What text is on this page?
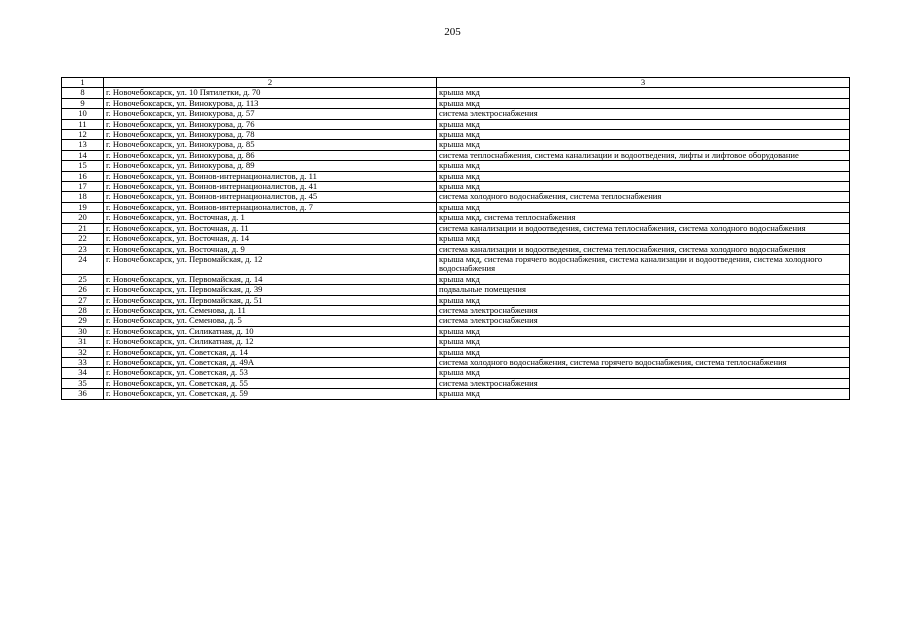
205
1	2	3
8	г. Новочебоксарск, ул. 10 Пятилетки, д. 70	крыша мкд
9	г. Новочебоксарск, ул. Винокурова, д. 113	крыша мкд
10	г. Новочебоксарск, ул. Винокурова, д. 57	система электроснабжения
11	г. Новочебоксарск, ул. Винокурова, д. 76	крыша мкд
12	г. Новочебоксарск, ул. Винокурова, д. 78	крыша мкд
13	г. Новочебоксарск, ул. Винокурова, д. 85	крыша мкд
14	г. Новочебоксарск, ул. Винокурова, д. 86	система теплоснабжения, система канализации и водоотведения, лифты и лифтовое оборудование
15	г. Новочебоксарск, ул. Винокурова, д. 89	крыша мкд
16	г. Новочебоксарск, ул. Воинов-интернационалистов, д. 11	крыша мкд
17	г. Новочебоксарск, ул. Воинов-интернационалистов, д. 41	крыша мкд
18	г. Новочебоксарск, ул. Воинов-интернационалистов, д. 45	система холодного водоснабжения, система теплоснабжения
19	г. Новочебоксарск, ул. Воинов-интернационалистов, д. 7	крыша мкд
20	г. Новочебоксарск, ул. Восточная, д. 1	крыша мкд, система теплоснабжения
21	г. Новочебоксарск, ул. Восточная, д. 11	система канализации и водоотведения, система теплоснабжения, система холодного водоснабжения
22	г. Новочебоксарск, ул. Восточная, д. 14	крыша мкд
23	г. Новочебоксарск, ул. Восточная, д. 9	система канализации и водоотведения, система теплоснабжения, система холодного водоснабжения
24	г. Новочебоксарск, ул. Первомайская, д. 12	крыша мкд, система горячего водоснабжения, система канализации и водоотведения, система холодного водоснабжения
25	г. Новочебоксарск, ул. Первомайская, д. 14	крыша мкд
26	г. Новочебоксарск, ул. Первомайская, д. 39	подвальные помещения
27	г. Новочебоксарск, ул. Первомайская, д. 51	крыша мкд
28	г. Новочебоксарск, ул. Семенова, д. 11	система электроснабжения
29	г. Новочебоксарск, ул. Семенова, д. 5	система электроснабжения
30	г. Новочебоксарск, ул. Силикатная, д. 10	крыша мкд
31	г. Новочебоксарск, ул. Силикатная, д. 12	крыша мкд
32	г. Новочебоксарск, ул. Советская, д. 14	крыша мкд
33	г. Новочебоксарск, ул. Советская, д. 49А	система холодного водоснабжения, система горячего водоснабжения, система теплоснабжения
34	г. Новочебоксарск, ул. Советская, д. 53	крыша мкд
35	г. Новочебоксарск, ул. Советская, д. 55	система электроснабжения
36	г. Новочебоксарск, ул. Советская, д. 59	крыша мкд
